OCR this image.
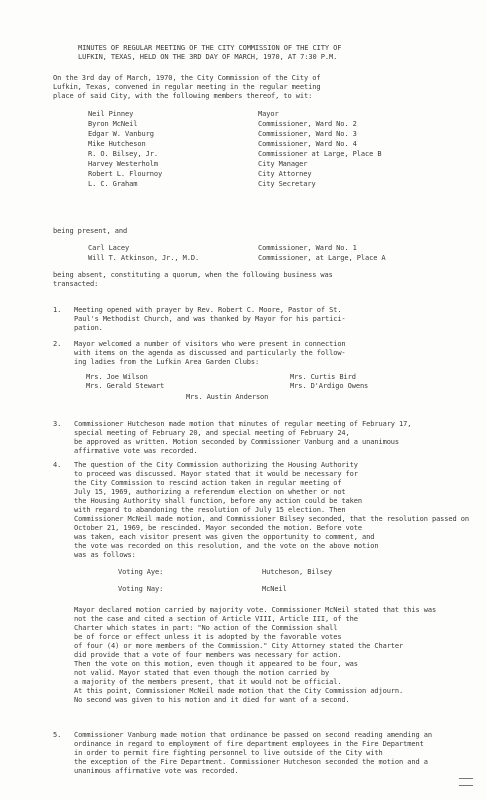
MINUTES OF REGULAR MEETING OF THE CITY COMMISSION OF THE CITY OF
LUFKIN, TEXAS, HELD ON THE 3RD DAY OF MARCH, 1970, AT 7:30 P.M.
On the 3rd day of March, 1970, the City Commission of the City of
Lufkin, Texas, convened in regular meeting in the regular meeting
place of said City, with the following members thereof, to wit:
Neil Pinney	Mayor
Byron McNeil	Commissioner, Ward No. 2
Edgar W. Vanburg	Commissioner, Ward No. 3
Mike Hutcheson	Commissioner, Ward No. 4
R. O. Bilsey, Jr.	Commissioner at Large, Place B
Harvey Westerholm	City Manager
Robert L. Flournoy	City Attorney
L. C. Graham	City Secretary
being present, and
Carl Lacey	Commissioner, Ward No. 1
Will T. Atkinson, Jr., M.D.	Commissioner, at Large, Place A
being absent, constituting a quorum, when the following business was
transacted:
1. Meeting opened with prayer by Rev. Robert C. Moore, Pastor of St.
Paul's Methodist Church, and was thanked by Mayor for his partici-
pation.
2. Mayor welcomed a number of visitors who were present in connection
with items on the agenda as discussed and particularly the follow-
ing ladies from the Lufkin Area Garden Clubs:
Mrs. Joe Wilson
Mrs. Gerald Stewart
Mrs. Curtis Bird
Mrs. D'Ardigo Owens
Mrs. Austin Anderson
3. Commissioner Hutcheson made motion that minutes of regular meeting of February 17,
special meeting of February 20, and special meeting of February 24,
be approved as written. Motion seconded by Commissioner Vanburg and a unanimous
affirmative vote was recorded.
4. The question of the City Commission authorizing the Housing Authority
to proceed was discussed. Mayor stated that it would be necessary for
the City Commission to rescind action taken in regular meeting of
July 15, 1969, authorizing a referendum election on whether or not
the Housing Authority shall function, before any action could be taken
with regard to abandoning the resolution of July 15 election. Then
Commissioner McNeil made motion, and Commissioner Bilsey seconded, that the resolution passed on
October 21, 1969, be rescinded. Mayor seconded the motion. Before vote
was taken, each visitor present was given the opportunity to comment, and
the vote was recorded on this resolution, and the vote on the above motion
was as follows:
Voting Aye:	Hutcheson, Bilsey
Voting Nay:	McNeil
Mayor declared motion carried by majority vote. Commissioner McNeil stated that this was
not the case and cited a section of Article VIII, Article III, of the
Charter which states in part: "No action of the Commission shall
be of force or effect unless it is adopted by the favorable votes
of four (4) or more members of the Commission." City Attorney stated the Charter
did provide that a vote of four members was necessary for action.
Then the vote on this motion, even though it appeared to be four, was
not valid. Mayor stated that even though the motion carried by
a majority of the members present, that it would not be official.
At this point, Commissioner McNeil made motion that the City Commission adjourn.
No second was given to his motion and it died for want of a second.
5. Commissioner Vanburg made motion that ordinance be passed on second reading amending an
ordinance in regard to employment of fire department employees in the Fire Department
in order to permit fire fighting personnel to live outside of the City with
the exception of the Fire Department. Commissioner Hutcheson seconded the motion and a
unanimous affirmative vote was recorded.
